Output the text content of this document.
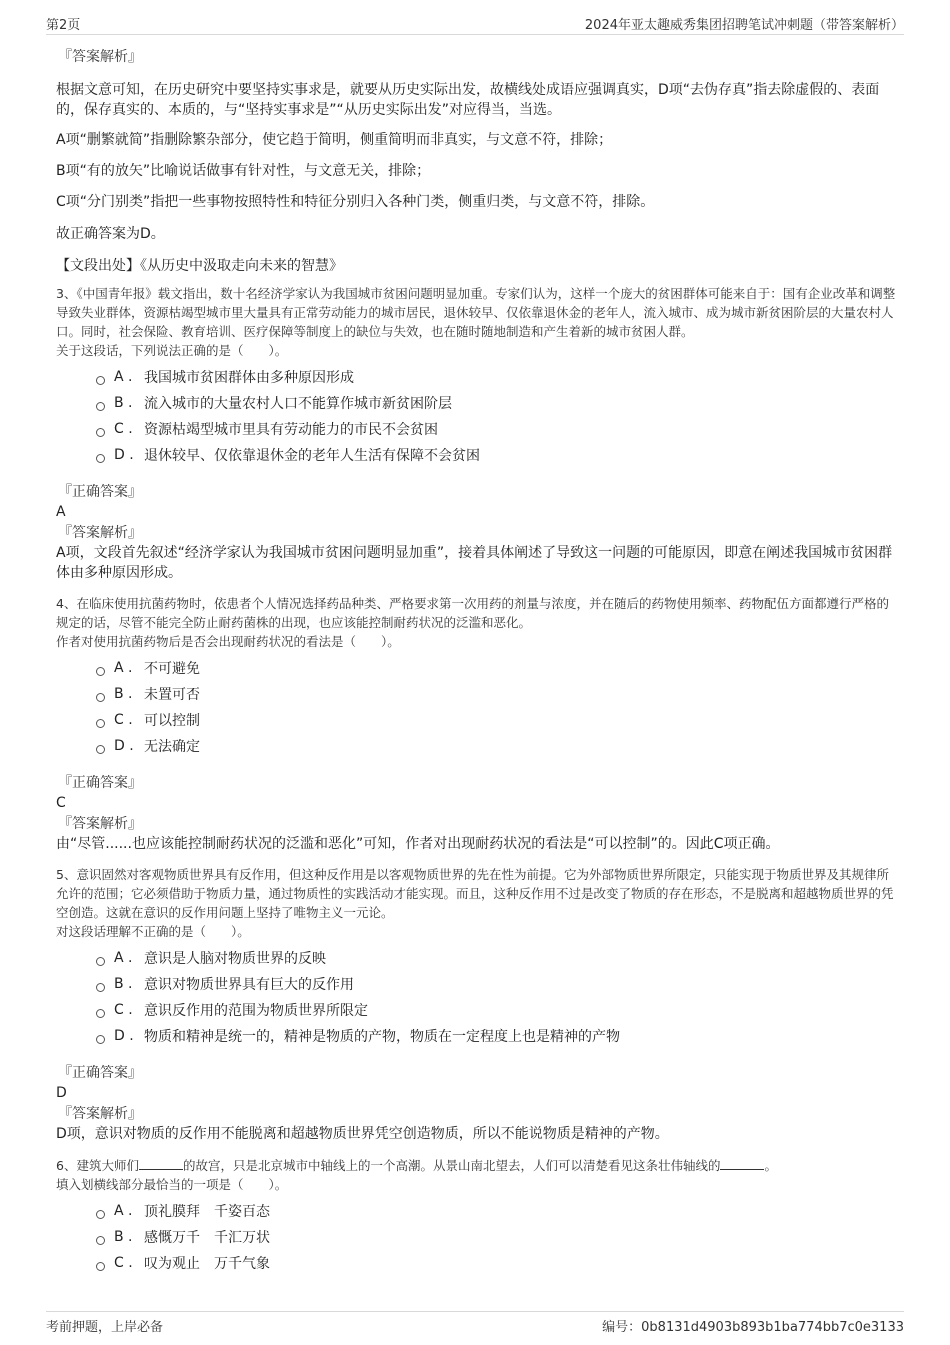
第2页	2024年亚太趣威秀集团招聘笔试冲刺题（带答案解析）
『答案解析』

根据文意可知，在历史研究中要坚持实事求是，就要从历史实际出发，故横线处成语应强调真实，D项“去伪存真”指去除虚假的、表面的，保存真实的、本质的，与“坚持实事求是”“从历史实际出发”对应得当，当选。

A项“删繁就简”指删除繁杂部分，使它趋于简明，侧重简明而非真实，与文意不符，排除；

B项“有的放矢”比喻说话做事有针对性，与文意无关，排除；

C项“分门别类”指把一些事物按照特性和特征分别归入各种门类，侧重归类，与文意不符，排除。

故正确答案为D。

【文段出处】《从历史中汲取走向未来的智慧》

3、《中国青年报》载文指出，数十名经济学家认为我国城市贫困问题明显加重。专家们认为，这样一个庞大的贫困群体可能来自于：国有企业改革和调整导致失业群体，资源枯竭型城市里大量具有正常劳动能力的城市居民，退休较早、仅依靠退休金的老年人，流入城市、成为城市新贫困阶层的大量农村人口。同时，社会保险、教育培训、医疗保障等制度上的缺位与失效，也在随时随地制造和产生着新的城市贫困人群。

关于这段话，下列说法正确的是（　　）。

A . 我国城市贫困群体由多种原因形成
B . 流入城市的大量农村人口不能算作城市新贫困阶层
C . 资源枯竭型城市里具有劳动能力的市民不会贫困
D . 退休较早、仅依靠退休金的老年人生活有保障不会贫困
『正确答案』
A
『答案解析』

A项，文段首先叙述“经济学家认为我国城市贫困问题明显加重”，接着具体阐述了导致这一问题的可能原因，即意在阐述我国城市贫困群体由多种原因形成。

4、在临床使用抗菌药物时，依患者个人情况选择药品种类、严格要求第一次用药的剂量与浓度，并在随后的药物使用频率、药物配伍方面都遵行严格的规定的话，尽管不能完全防止耐药菌株的出现，也应该能控制耐药状况的泛滥和恶化。

作者对使用抗菌药物后是否会出现耐药状况的看法是（　　）。

A . 不可避免
B . 未置可否
C . 可以控制
D . 无法确定
『正确答案』
C
『答案解析』

由“尽管......也应该能控制耐药状况的泛滥和恶化”可知，作者对出现耐药状况的看法是“可以控制”的。因此C项正确。

5、意识固然对客观物质世界具有反作用，但这种反作用是以客观物质世界的先在性为前提。它为外部物质世界所限定，只能实现于物质世界及其规律所允许的范围；它必须借助于物质力量，通过物质性的实践活动才能实现。而且，这种反作用不过是改变了物质的存在形态，不是脱离和超越物质世界的凭空创造。这就在意识的反作用问题上坚持了唯物主义一元论。

对这段话理解不正确的是（　　）。

A . 意识是人脑对物质世界的反映
B . 意识对物质世界具有巨大的反作用
C . 意识反作用的范围为物质世界所限定
D . 物质和精神是统一的，精神是物质的产物，物质在一定程度上也是精神的产物
『正确答案』
D
『答案解析』

D项，意识对物质的反作用不能脱离和超越物质世界凭空创造物质，所以不能说物质是精神的产物。

6、建筑大师们	的故宫，只是北京城市中轴线上的一个高潮。从景山南北望去，人们可以清楚看见这条壮伟轴线的	。

填入划横线部分最恰当的一项是（　　）。

A . 顶礼膜拜　千姿百态
B . 感慨万千　千汇万状
C . 叹为观止　万千气象
考前押题，上岸必备	编号：0b8131d4903b893b1ba774bb7c0e3133
